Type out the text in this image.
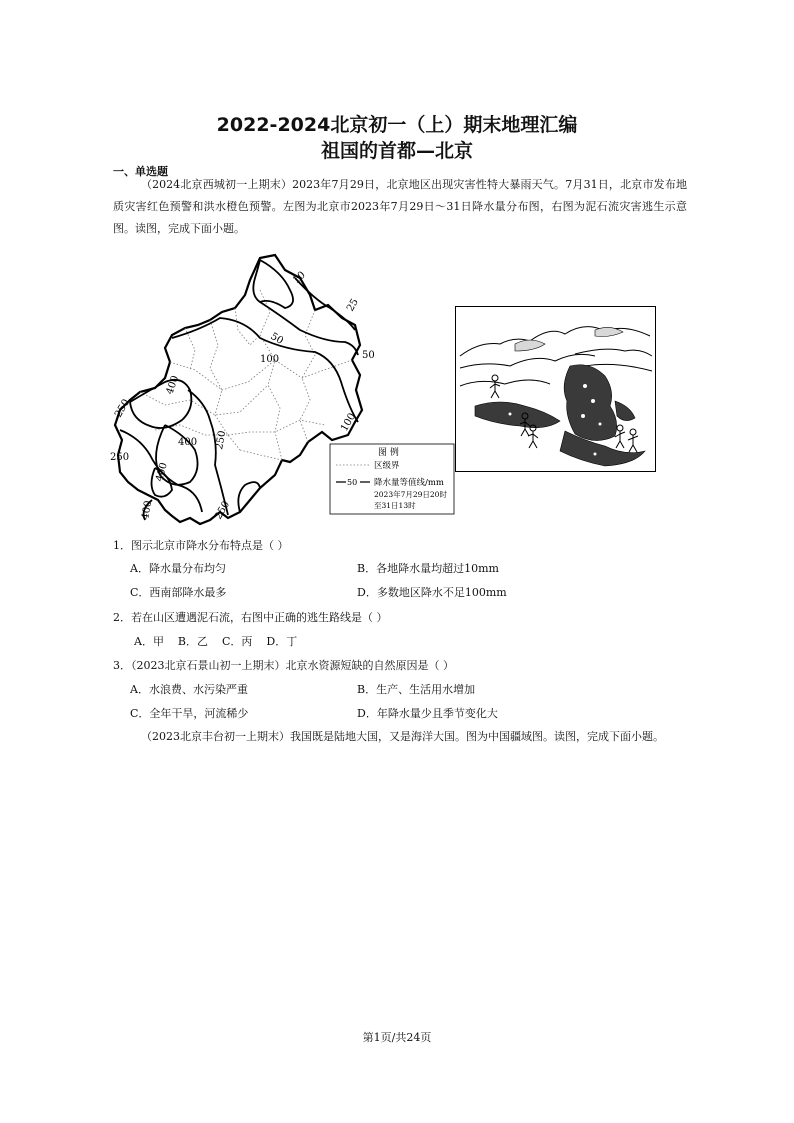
2022-2024北京初一（上）期末地理汇编
祖国的首都—北京
一、单选题
（2024北京西城初一上期末）2023年7月29日，北京地区出现灾害性特大暴雨天气。7月31日，北京市发布地质灾害红色预警和洪水橙色预警。左图为北京市2023年7月29日～31日降水量分布图，右图为泥石流灾害逃生示意图。读图，完成下面小题。
10
25
50
100	50
100
400
250
400 250
250
400
400	250
图 例
区级界
50 降水量等值线/mm
2023年7月29日20时
至31日13时
1．图示北京市降水分布特点是（ ）
A．降水量分布均匀	B．各地降水量均超过10mm
C．西南部降水最多	D．多数地区降水不足100mm
2．若在山区遭遇泥石流，右图中正确的逃生路线是（ ）
A．甲    B．乙    C．丙    D．丁
3．（2023北京石景山初一上期末）北京水资源短缺的自然原因是（ ）
A．水浪费、水污染严重	B．生产、生活用水增加
C．全年干旱，河流稀少	D．年降水量少且季节变化大
（2023北京丰台初一上期末）我国既是陆地大国，又是海洋大国。图为中国疆域图。读图，完成下面小题。
第1页/共24页
